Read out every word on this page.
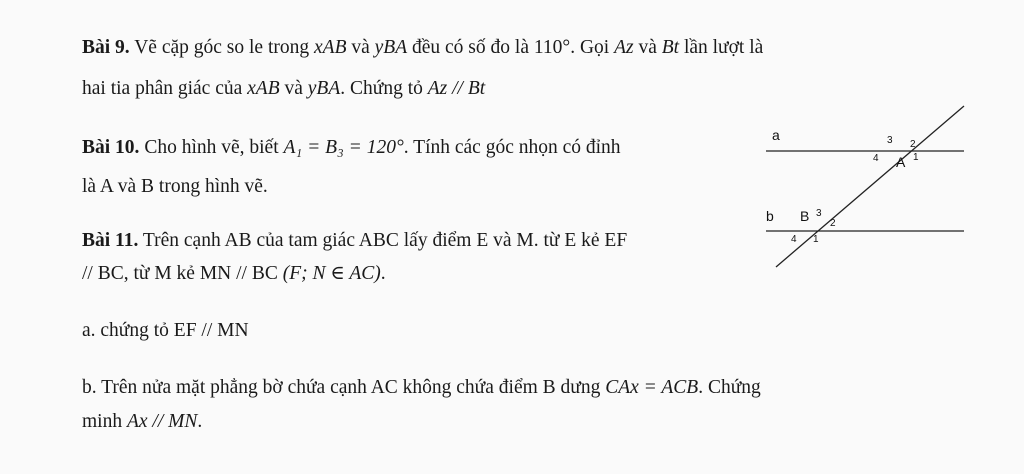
Bài 9. Vẽ cặp góc so le trong xAB và yBA đều có số đo là 110°. Gọi Az và Bt lần lượt là
hai tia phân giác của xAB và yBA. Chứng tỏ Az // Bt
Bài 10. Cho hình vẽ, biết A₁ = B₃ = 120°. Tính các góc nhọn có đỉnh
là A và B trong hình vẽ.
Bài 11. Trên cạnh AB của tam giác ABC lấy điểm E và M. từ E kẻ EF
// BC, từ M kẻ MN // BC (F; N ∈ AC).
a. chứng tỏ EF // MN
b. Trên nửa mặt phẳng bờ chứa cạnh AC không chứa điểm B dưng CAx = ACB. Chứng
minh Ax // MN.
a
b
3 2
4 A 1
B 3
2
4 1
